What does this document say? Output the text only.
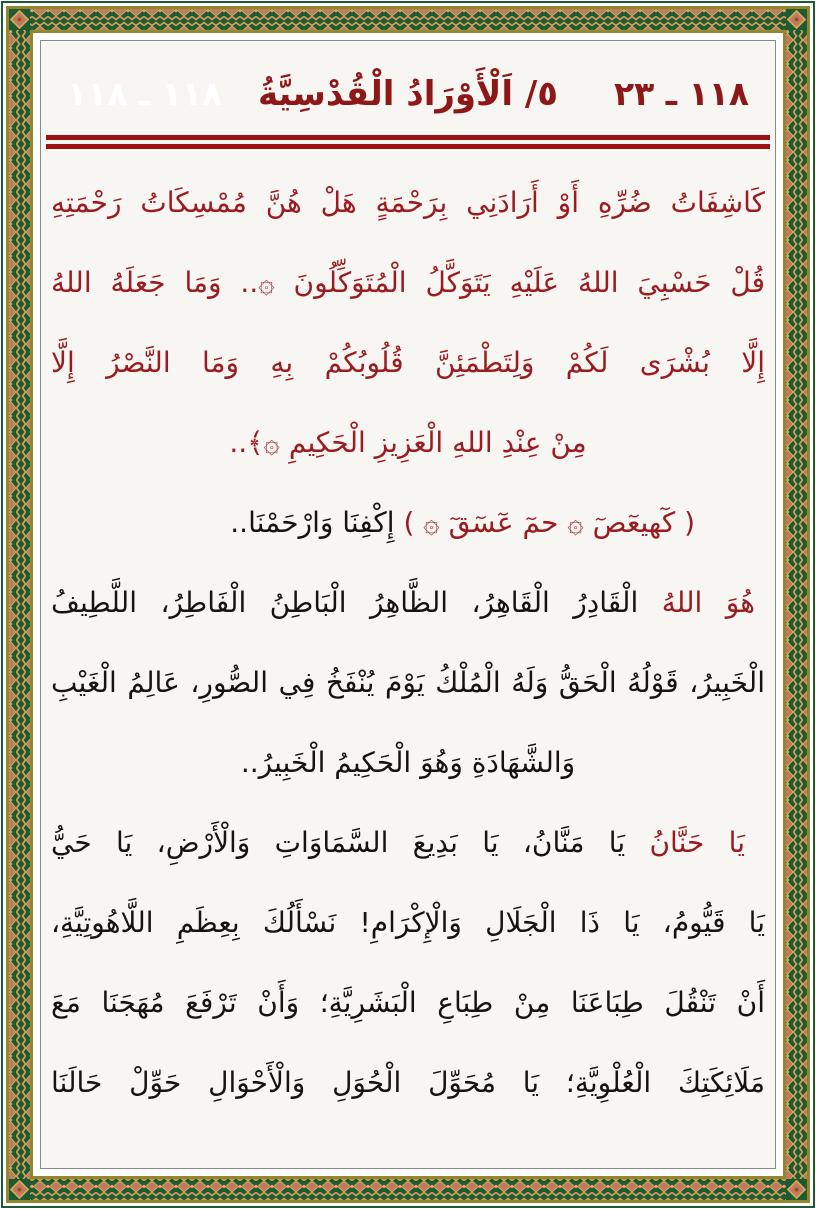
١١٨ ـ ٢٣
٥/ اَلْأَوْرَادُ الْقُدْسِيَّةُ
١١٨ ـ ١١٨
كَاشِفَاتُ ضُرِّهِ أَوْ أَرَادَنِي بِرَحْمَةٍ هَلْ هُنَّ مُمْسِكَاتُ رَحْمَتِهِ
قُلْ حَسْبِيَ اللهُ عَلَيْهِ يَتَوَكَّلُ الْمُتَوَكِّلُونَ ۞.. وَمَا جَعَلَهُ اللهُ
إِلَّا بُشْرَى لَكُمْ وَلِتَطْمَئِنَّ قُلُوبُكُمْ بِهِ وَمَا النَّصْرُ إِلَّا
مِنْ عِنْدِ اللهِ الْعَزِيزِ الْحَكِيمِ ۞﴾..
( كٓهيعٓصٓ ۞ حمٓ عٓسٓقٓ ۞ ) إِكْفِنَا وَارْحَمْنَا..
هُوَ اللهُ الْقَادِرُ الْقَاهِرُ، الظَّاهِرُ الْبَاطِنُ الْفَاطِرُ، اللَّطِيفُ
الْخَبِيرُ، قَوْلُهُ الْحَقُّ وَلَهُ الْمُلْكُ يَوْمَ يُنْفَخُ فِي الصُّورِ، عَالِمُ الْغَيْبِ
وَالشَّهَادَةِ وَهُوَ الْحَكِيمُ الْخَبِيرُ..
يَا حَنَّانُ يَا مَنَّانُ، يَا بَدِيعَ السَّمَاوَاتِ وَالْأَرْضِ، يَا حَيُّ
يَا قَيُّومُ، يَا ذَا الْجَلَالِ وَالْإِكْرَامِ! نَسْأَلُكَ بِعِظَمِ اللَّاهُوتِيَّةِ،
أَنْ تَنْقُلَ طِبَاعَنَا مِنْ طِبَاعِ الْبَشَرِيَّةِ؛ وَأَنْ تَرْفَعَ مُهَجَنَا مَعَ
مَلَائِكَتِكَ الْعُلْوِيَّةِ؛ يَا مُحَوِّلَ الْحُوَلِ وَالْأَحْوَالِ حَوِّلْ حَالَنَا
